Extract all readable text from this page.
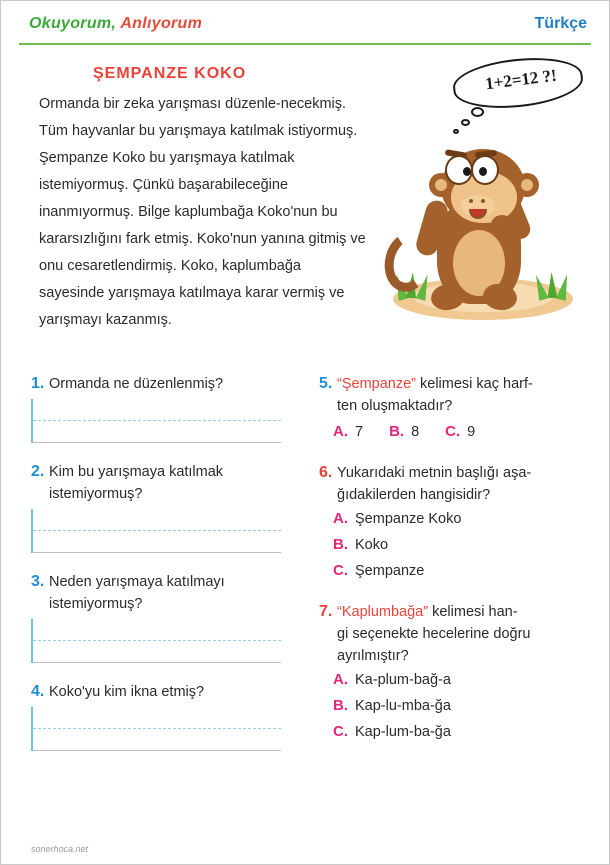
Okuyorum, Anlıyorum	Türkçe
ŞEMPANZE KOKO
Ormanda bir zeka yarışması düzenle-necekmiş. Tüm hayvanlar bu yarışmaya katılmak istiyormuş. Şempanze Koko bu yarışmaya katılmak istemiyormuş. Çünkü başarabileceğine inanmıyormuş. Bilge kaplumbağa Koko'nun bu kararsızlığını fark etmiş. Koko'nun yanına gitmiş ve onu cesaretlendirmiş. Koko, kaplumbağa sayesinde yarışmaya katılmaya karar vermiş ve yarışmayı kazanmış.
1+2=12 ?!
1. Ormanda ne düzenlenmiş?
2. Kim bu yarışmaya katılmak
istemiyormuş?
3. Neden yarışmaya katılmayı
istemiyormuş?
4. Koko'yu kim ikna etmiş?
5. “Şempanze” kelimesi kaç harf-
ten oluşmaktadır?
A. 7 B. 8 C. 9
6. Yukarıdaki metnin başlığı aşa-
ğıdakilerden hangisidir?
A. Şempanze Koko
B. Koko
C. Şempanze
7. “Kaplumbağa” kelimesi han-
gi seçenekte hecelerine doğru ayrılmıştır?
A. Ka-plum-bağ-a
B. Kap-lu-mba-ğa
C. Kap-lum-ba-ğa
sonerhoca.net
